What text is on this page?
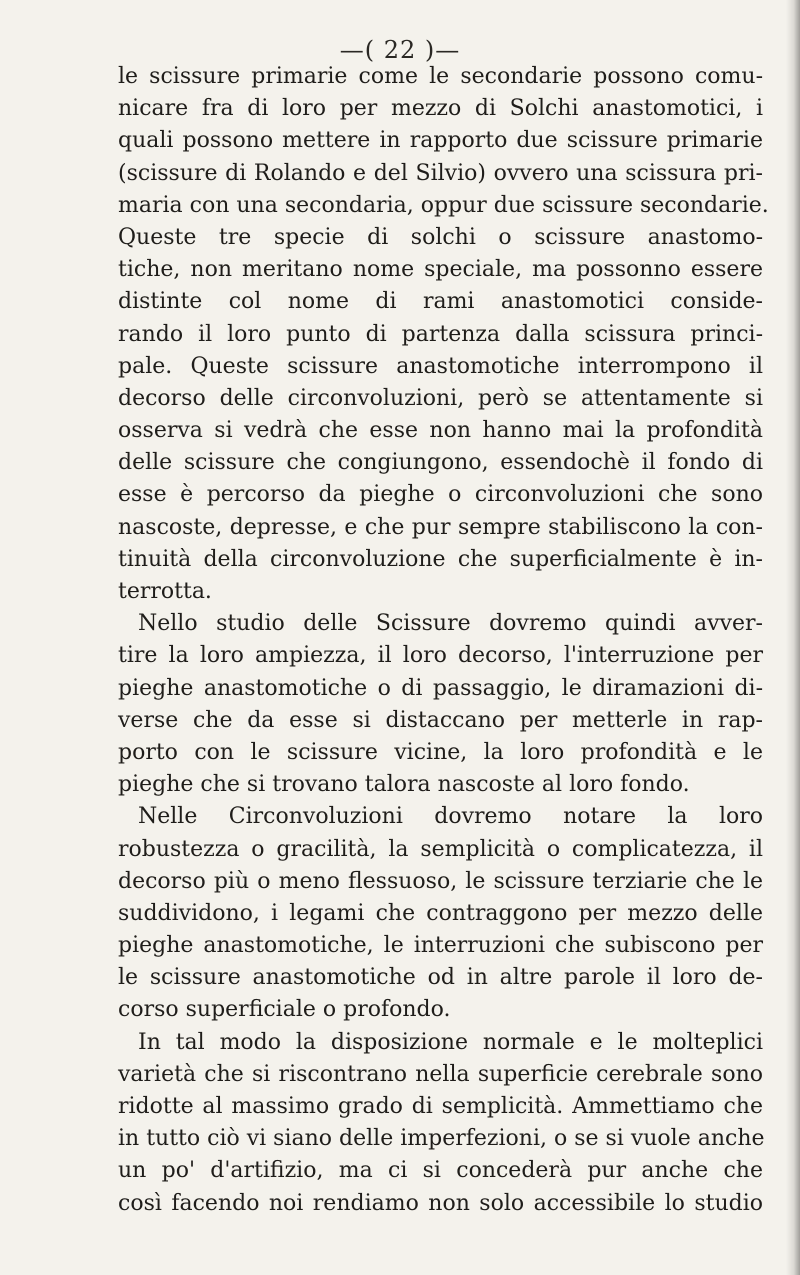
—( 22 )—
le scissure primarie come le secondarie possono comu-
nicare fra di loro per mezzo di Solchi anastomotici, i
quali possono mettere in rapporto due scissure primarie
(scissure di Rolando e del Silvio) ovvero una scissura pri-
maria con una secondaria, oppur due scissure secondarie.
Queste tre specie di solchi o scissure anastomo-
tiche, non meritano nome speciale, ma possonno essere
distinte col nome di rami anastomotici conside-
rando il loro punto di partenza dalla scissura princi-
pale. Queste scissure anastomotiche interrompono il
decorso delle circonvoluzioni, però se attentamente si
osserva si vedrà che esse non hanno mai la profondità
delle scissure che congiungono, essendochè il fondo di
esse è percorso da pieghe o circonvoluzioni che sono
nascoste, depresse, e che pur sempre stabiliscono la con-
tinuità della circonvoluzione che superficialmente è in-
terrotta.
Nello studio delle Scissure dovremo quindi avver-
tire la loro ampiezza, il loro decorso, l'interruzione per
pieghe anastomotiche o di passaggio, le diramazioni di-
verse che da esse si distaccano per metterle in rap-
porto con le scissure vicine, la loro profondità e le
pieghe che si trovano talora nascoste al loro fondo.
Nelle Circonvoluzioni dovremo notare la loro
robustezza o gracilità, la semplicità o complicatezza, il
decorso più o meno flessuoso, le scissure terziarie che le
suddividono, i legami che contraggono per mezzo delle
pieghe anastomotiche, le interruzioni che subiscono per
le scissure anastomotiche od in altre parole il loro de-
corso superficiale o profondo.
In tal modo la disposizione normale e le molteplici
varietà che si riscontrano nella superficie cerebrale sono
ridotte al massimo grado di semplicità. Ammettiamo che
in tutto ciò vi siano delle imperfezioni, o se si vuole anche
un po' d'artifizio, ma ci si concederà pur anche che
così facendo noi rendiamo non solo accessibile lo studio
